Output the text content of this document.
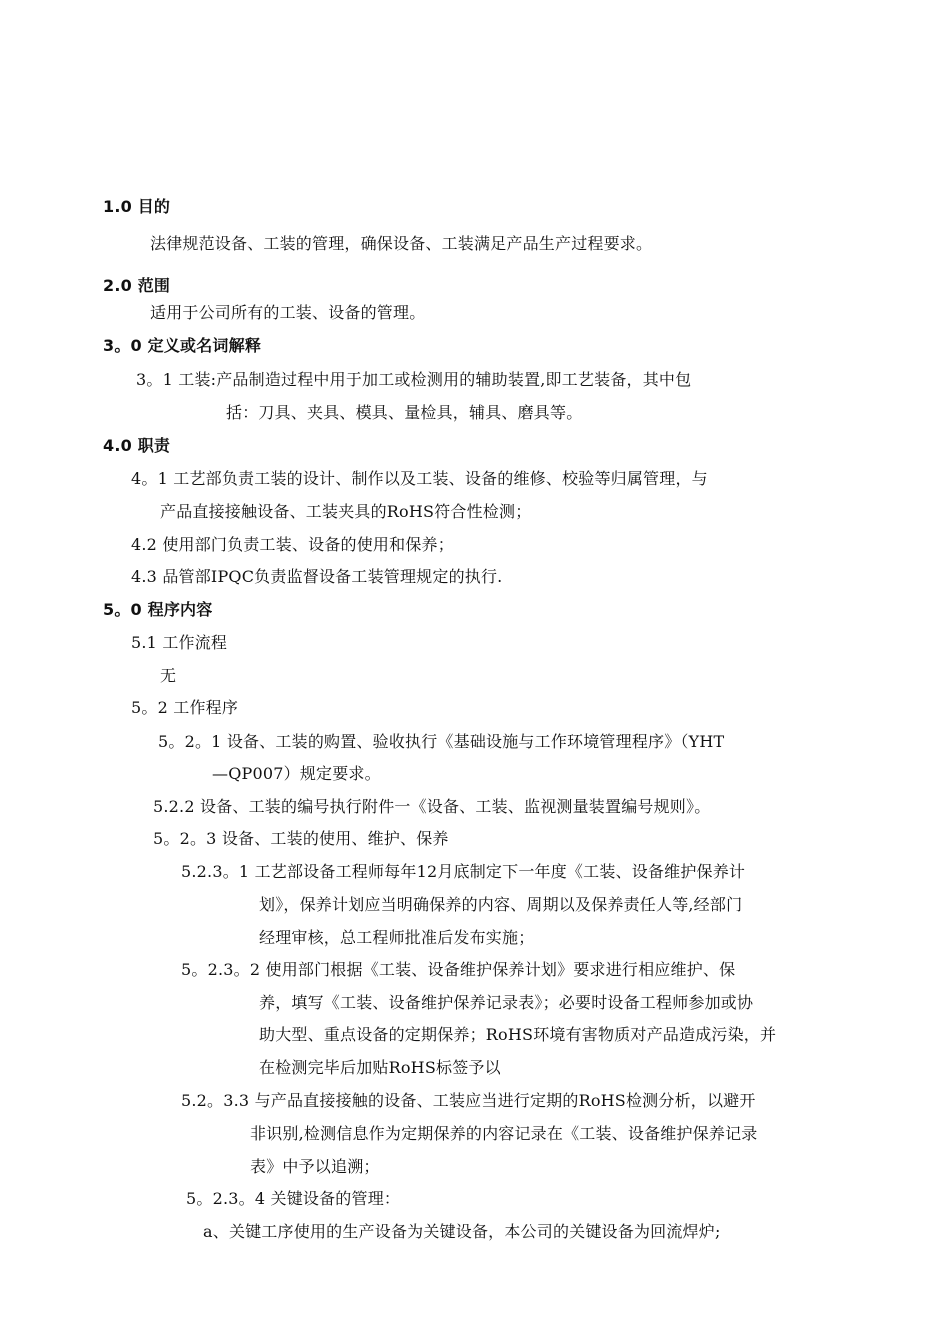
1.0 目的
法律规范设备、工装的管理，确保设备、工装满足产品生产过程要求。
2.0 范围
适用于公司所有的工装、设备的管理。
3。0 定义或名词解释
3。1 工装:产品制造过程中用于加工或检测用的辅助装置,即工艺装备，其中包
括：刀具、夹具、模具、量检具，辅具、磨具等。
4.0 职责
4。1 工艺部负责工装的设计、制作以及工装、设备的维修、校验等归属管理，与
产品直接接触设备、工装夹具的RoHS符合性检测；
4.2 使用部门负责工装、设备的使用和保养；
4.3 品管部IPQC负责监督设备工装管理规定的执行.
5。0 程序内容
5.1 工作流程
无
5。2 工作程序
5。2。1 设备、工装的购置、验收执行《基础设施与工作环境管理程序》（YHT
—QP007）规定要求。
5.2.2 设备、工装的编号执行附件一《设备、工装、监视测量装置编号规则》。
5。2。3 设备、工装的使用、维护、保养
5.2.3。1 工艺部设备工程师每年12月底制定下一年度《工装、设备维护保养计
划》，保养计划应当明确保养的内容、周期以及保养责任人等,经部门
经理审核，总工程师批准后发布实施；
5。2.3。2 使用部门根据《工装、设备维护保养计划》要求进行相应维护、保
养，填写《工装、设备维护保养记录表》；必要时设备工程师参加或协
助大型、重点设备的定期保养；RoHS环境有害物质对产品造成污染，并
在检测完毕后加贴RoHS标签予以
5.2。3.3 与产品直接接触的设备、工装应当进行定期的RoHS检测分析，以避开
非识别,检测信息作为定期保养的内容记录在《工装、设备维护保养记录
表》中予以追溯；
5。2.3。4 关键设备的管理：
a、关键工序使用的生产设备为关键设备，本公司的关键设备为回流焊炉;
